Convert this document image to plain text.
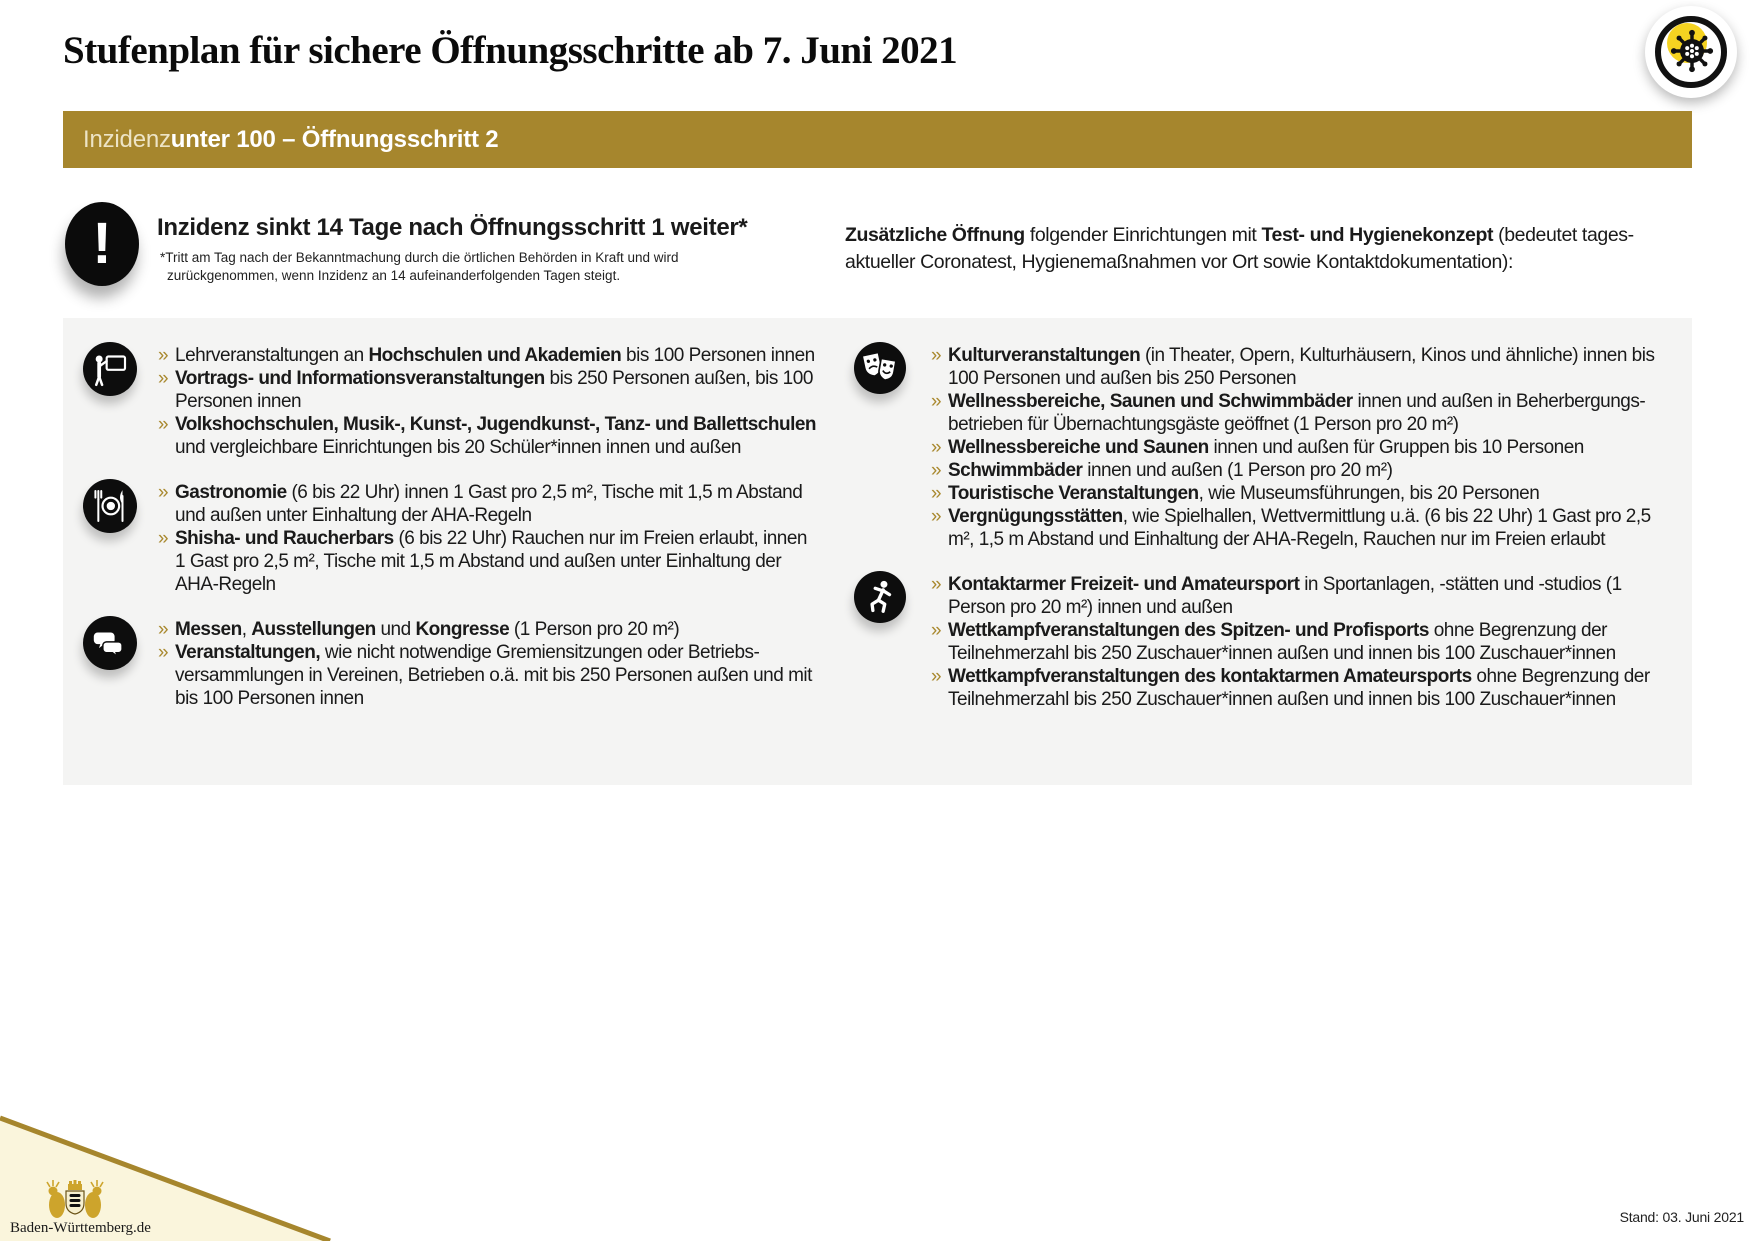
Stufenplan für sichere Öffnungsschritte ab 7. Juni 2021
Inzidenz unter 100 – Öffnungsschritt 2
! Inzidenz sinkt 14 Tage nach Öffnungsschritt 1 weiter*
*Tritt am Tag nach der Bekanntmachung durch die örtlichen Behörden in Kraft und wird
zurückgenommen, wenn Inzidenz an 14 aufeinanderfolgenden Tagen steigt.
Zusätzliche Öffnung folgender Einrichtungen mit Test- und Hygienekonzept (bedeutet tagesaktueller Coronatest, Hygienemaßnahmen vor Ort sowie Kontaktdokumentation):
» Lehrveranstaltungen an Hochschulen und Akademien bis 100 Personen innen
» Vortrags- und Informationsveranstaltungen bis 250 Personen außen, bis 100 Personen innen
» Volkshochschulen, Musik-, Kunst-, Jugendkunst-, Tanz- und Ballettschulen und vergleichbare Einrichtungen bis 20 Schüler*innen innen und außen
» Gastronomie (6 bis 22 Uhr) innen 1 Gast pro 2,5 m², Tische mit 1,5 m Abstand und außen unter Einhaltung der AHA-Regeln
» Shisha- und Raucherbars (6 bis 22 Uhr) Rauchen nur im Freien erlaubt, innen 1 Gast pro 2,5 m², Tische mit 1,5 m Abstand und außen unter Einhaltung der AHA-Regeln
» Messen, Ausstellungen und Kongresse (1 Person pro 20 m²)
» Veranstaltungen, wie nicht notwendige Gremiensitzungen oder Betriebsversammlungen in Vereinen, Betrieben o.ä. mit bis 250 Personen außen und mit bis 100 Personen innen
» Kulturveranstaltungen (in Theater, Opern, Kulturhäusern, Kinos und ähnliche) innen bis 100 Personen und außen bis 250 Personen
» Wellnessbereiche, Saunen und Schwimmbäder innen und außen in Beherbergungsbetrieben für Übernachtungsgäste geöffnet (1 Person pro 20 m²)
» Wellnessbereiche und Saunen innen und außen für Gruppen bis 10 Personen
» Schwimmbäder innen und außen (1 Person pro 20 m²)
» Touristische Veranstaltungen, wie Museumsführungen, bis 20 Personen
» Vergnügungsstätten, wie Spielhallen, Wettvermittlung u.ä. (6 bis 22 Uhr) 1 Gast pro 2,5 m², 1,5 m Abstand und Einhaltung der AHA-Regeln, Rauchen nur im Freien erlaubt
» Kontaktarmer Freizeit- und Amateursport in Sportanlagen, -stätten und -studios (1 Person pro 20 m²) innen und außen
» Wettkampfveranstaltungen des Spitzen- und Profisports ohne Begrenzung der Teilnehmerzahl bis 250 Zuschauer*innen außen und innen bis 100 Zuschauer*innen
» Wettkampfveranstaltungen des kontaktarmen Amateursports ohne Begrenzung der Teilnehmerzahl bis 250 Zuschauer*innen außen und innen bis 100 Zuschauer*innen
Baden-Württemberg.de
Stand: 03. Juni 2021
